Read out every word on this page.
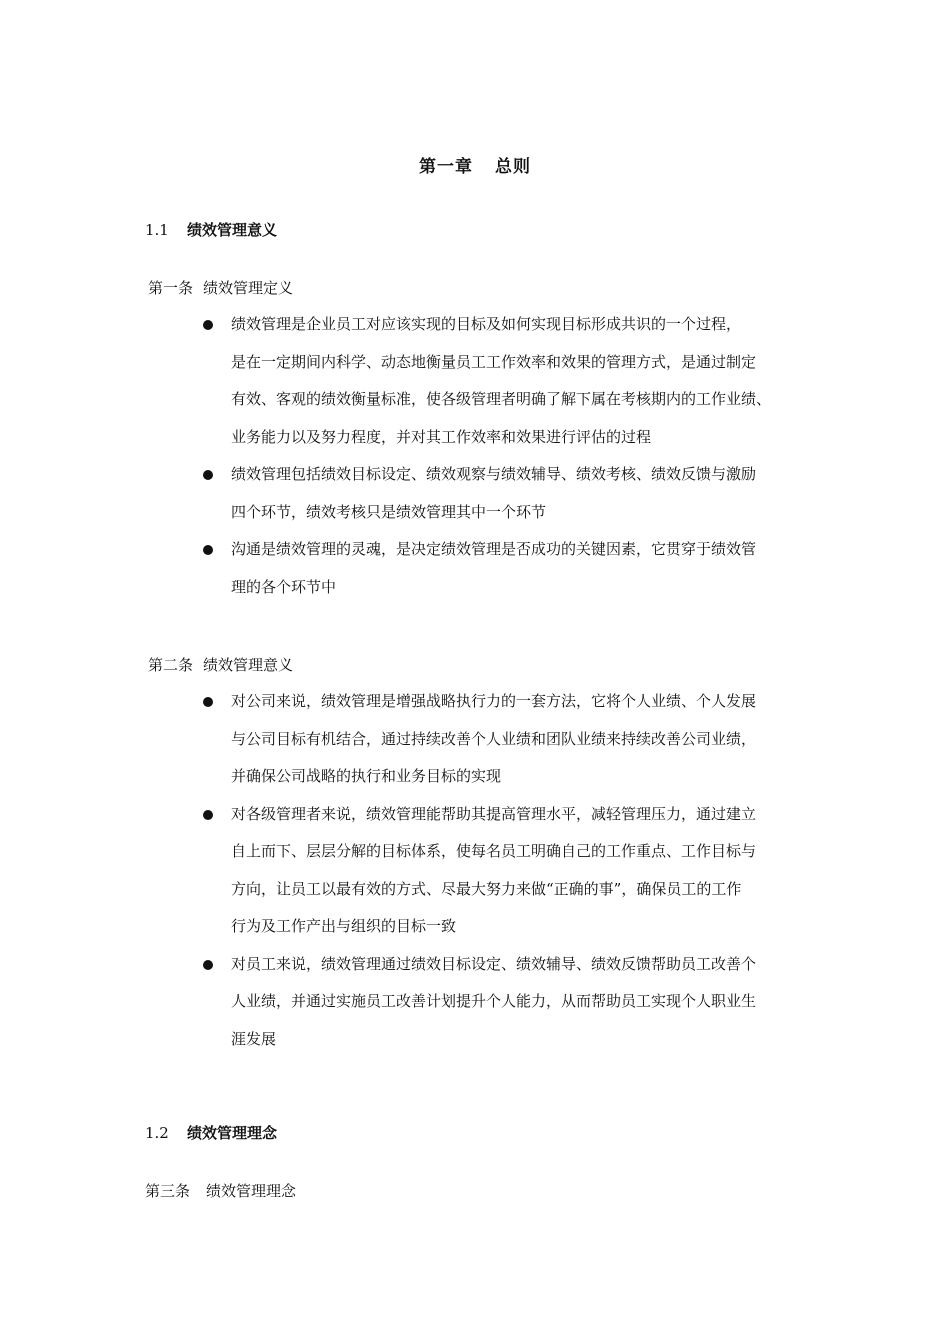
第一章 总则
1.1 绩效管理意义
第一条 绩效管理定义
绩效管理是企业员工对应该实现的目标及如何实现目标形成共识的一个过程，
是在一定期间内科学、动态地衡量员工工作效率和效果的管理方式，是通过制定
有效、客观的绩效衡量标准，使各级管理者明确了解下属在考核期内的工作业绩、
业务能力以及努力程度，并对其工作效率和效果进行评估的过程
绩效管理包括绩效目标设定、绩效观察与绩效辅导、绩效考核、绩效反馈与激励
四个环节，绩效考核只是绩效管理其中一个环节
沟通是绩效管理的灵魂，是决定绩效管理是否成功的关键因素，它贯穿于绩效管
理的各个环节中
第二条 绩效管理意义
对公司来说，绩效管理是增强战略执行力的一套方法，它将个人业绩、个人发展
与公司目标有机结合，通过持续改善个人业绩和团队业绩来持续改善公司业绩，
并确保公司战略的执行和业务目标的实现
对各级管理者来说，绩效管理能帮助其提高管理水平，减轻管理压力，通过建立
自上而下、层层分解的目标体系，使每名员工明确自己的工作重点、工作目标与
方向，让员工以最有效的方式、尽最大努力来做“正确的事”，确保员工的工作
行为及工作产出与组织的目标一致
对员工来说，绩效管理通过绩效目标设定、绩效辅导、绩效反馈帮助员工改善个
人业绩，并通过实施员工改善计划提升个人能力，从而帮助员工实现个人职业生
涯发展
1.2 绩效管理理念
第三条 绩效管理理念
